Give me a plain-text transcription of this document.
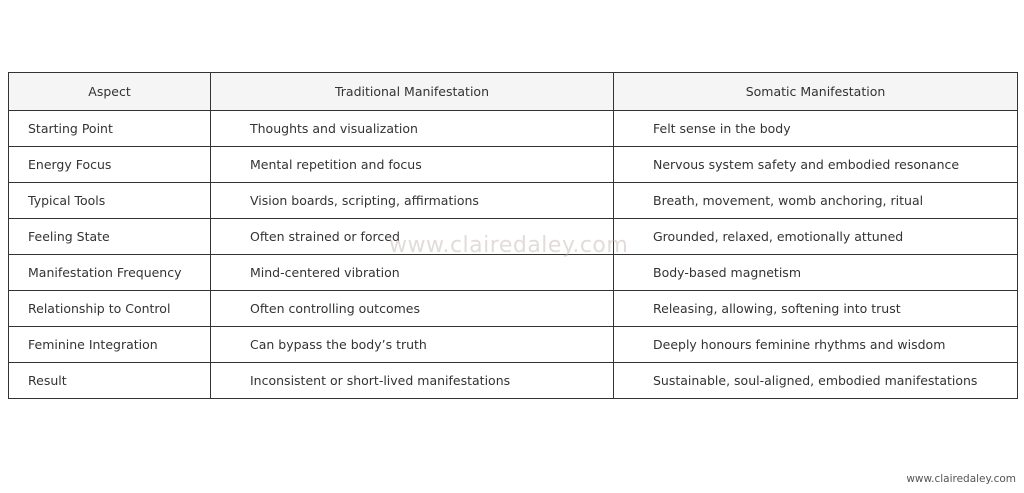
Aspect	Traditional Manifestation	Somatic Manifestation
Starting Point	Thoughts and visualization	Felt sense in the body
Energy Focus	Mental repetition and focus	Nervous system safety and embodied resonance
Typical Tools	Vision boards, scripting, affirmations	Breath, movement, womb anchoring, ritual
Feeling State	Often strained or forced	Grounded, relaxed, emotionally attuned
Manifestation Frequency	Mind-centered vibration	Body-based magnetism
Relationship to Control	Often controlling outcomes	Releasing, allowing, softening into trust
Feminine Integration	Can bypass the body’s truth	Deeply honours feminine rhythms and wisdom
Result	Inconsistent or short-lived manifestations	Sustainable, soul-aligned, embodied manifestations
www.clairedaley.com
www.clairedaley.com
